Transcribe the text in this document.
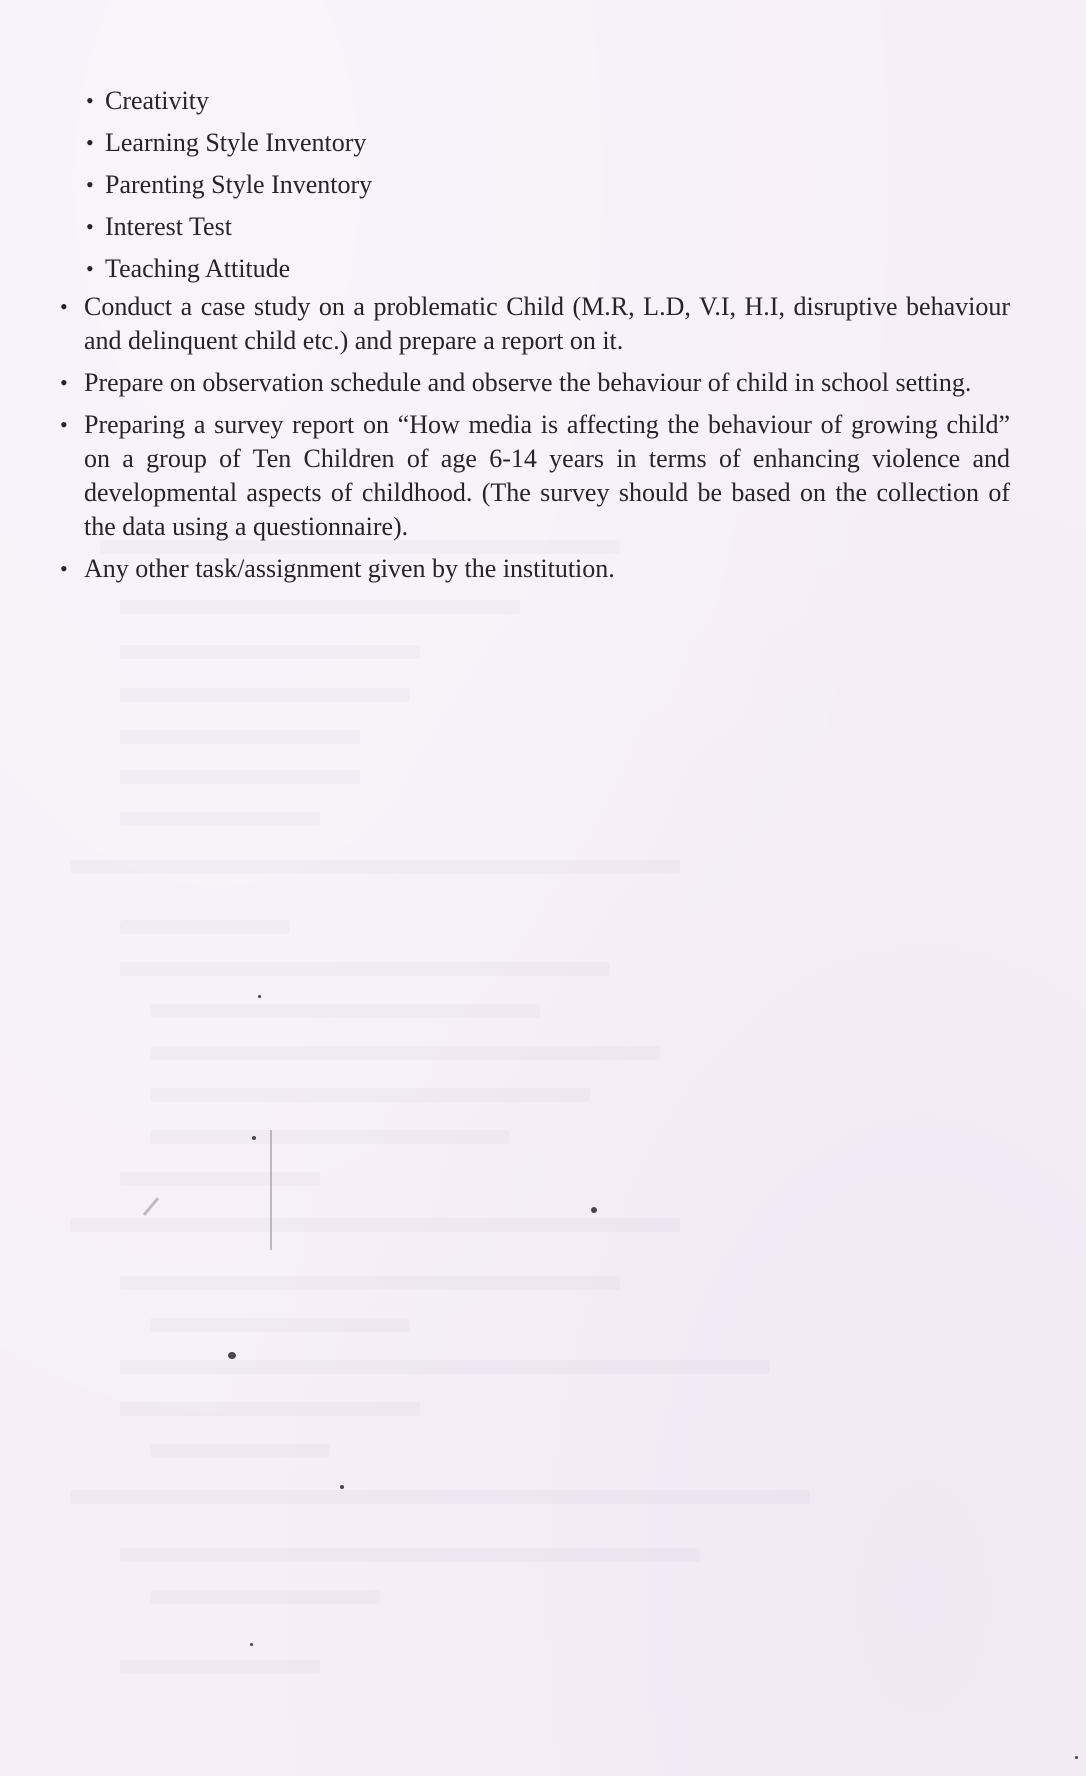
• Creativity
• Learning Style Inventory
• Parenting Style Inventory
• Interest Test
• Teaching Attitude
• Conduct a case study on a problematic Child (M.R, L.D, V.I, H.I, disruptive behaviour and delinquent child etc.) and prepare a report on it.
• Prepare on observation schedule and observe the behaviour of child in school setting.
• Preparing a survey report on “How media is affecting the behaviour of growing child” on a group of Ten Children of age 6-14 years in terms of enhancing violence and developmental aspects of childhood. (The survey should be based on the collection of the data using a questionnaire).
• Any other task/assignment given by the institution.
